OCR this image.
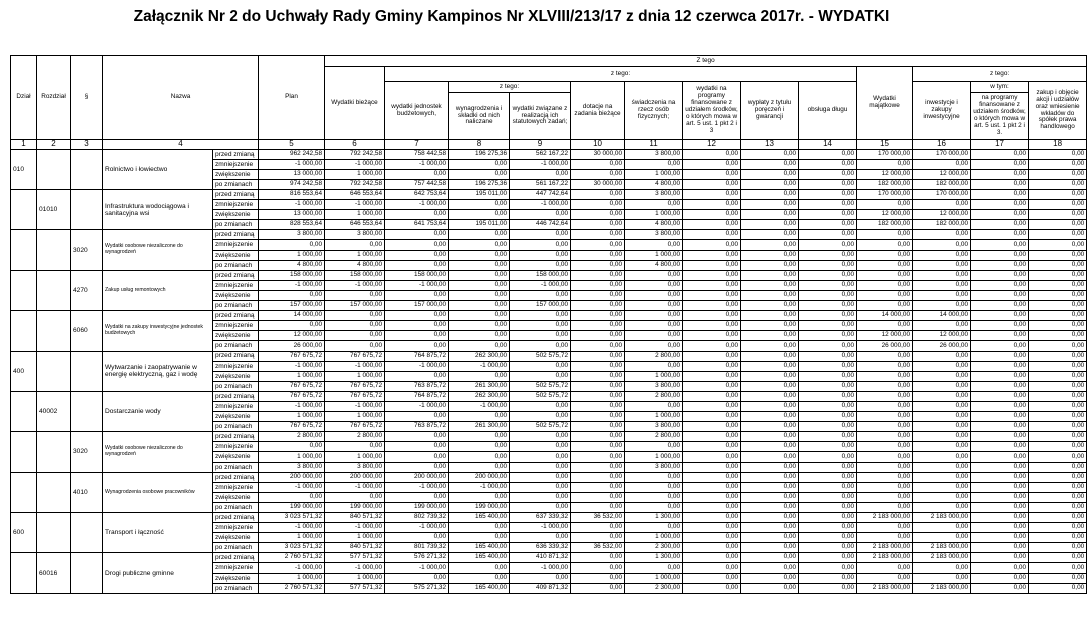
Załącznik Nr 2 do Uchwały Rady Gminy Kampinos Nr XLVIII/213/17 z dnia 12 czerwca 2017r. - WYDATKI
Dział	Rozdział	§	Nazwa		Plan	Z tego												
						Wydatki bieżące	z tego:								Wydatki majątkowe	z tego:		
							wydatki jednostek budżetowych,	z tego:		dotacje na zadania bieżące	świadczenia na rzecz osób fizycznych;	wydatki na programy finansowane z udziałem środków, o których mowa w art. 5 ust. 1 pkt 2 i 3	wypłaty z tytułu poręczeń i gwarancji	obsługa długu		inwestycje i zakupy inwestycyjne	w tym:	zakup i objęcie akcji i udziałów oraz wniesienie wkładów do spółek prawa handlowego
								wynagrodzenia i składki od nich naliczane	wydatki związane z realizacją ich statutowych zadań;								na programy finansowane z udziałem środków, o których mowa w art. 5 ust. 1 pkt 2 i 3.	
1	2	3	4		5	6	7	8	9	10	11	12	13	14	15	16	17	18
010			Rolnictwo i łowiectwo	przed zmianą	962 242,58	792 242,58	758 442,58	196 275,36	562 167,22	30 000,00	3 800,00	0,00	0,00	0,00	170 000,00	170 000,00	0,00	0,00
				zmniejszenie	-1 000,00	-1 000,00	-1 000,00	0,00	-1 000,00	0,00	0,00	0,00	0,00	0,00	0,00	0,00	0,00	0,00
				zwiększenie	13 000,00	1 000,00	0,00	0,00	0,00	0,00	1 000,00	0,00	0,00	0,00	12 000,00	12 000,00	0,00	0,00
				po zmianach	974 242,58	792 242,58	757 442,58	196 275,36	561 167,22	30 000,00	4 800,00	0,00	0,00	0,00	182 000,00	182 000,00	0,00	0,00
	01010		Infrastruktura wodociągowa i sanitacyjna wsi	przed zmianą	816 553,64	646 553,64	642 753,64	195 011,00	447 742,64	0,00	3 800,00	0,00	0,00	0,00	170 000,00	170 000,00	0,00	0,00
				zmniejszenie	-1 000,00	-1 000,00	-1 000,00	0,00	-1 000,00	0,00	0,00	0,00	0,00	0,00	0,00	0,00	0,00	0,00
				zwiększenie	13 000,00	1 000,00	0,00	0,00	0,00	0,00	1 000,00	0,00	0,00	0,00	12 000,00	12 000,00	0,00	0,00
				po zmianach	828 553,64	646 553,64	641 753,64	195 011,00	446 742,64	0,00	4 800,00	0,00	0,00	0,00	182 000,00	182 000,00	0,00	0,00
		3020	Wydatki osobowe niezaliczone do wynagrodzeń	przed zmianą	3 800,00	3 800,00	0,00	0,00	0,00	0,00	3 800,00	0,00	0,00	0,00	0,00	0,00	0,00	0,00
				zmniejszenie	0,00	0,00	0,00	0,00	0,00	0,00	0,00	0,00	0,00	0,00	0,00	0,00	0,00	0,00
				zwiększenie	1 000,00	1 000,00	0,00	0,00	0,00	0,00	1 000,00	0,00	0,00	0,00	0,00	0,00	0,00	0,00
				po zmianach	4 800,00	4 800,00	0,00	0,00	0,00	0,00	4 800,00	0,00	0,00	0,00	0,00	0,00	0,00	0,00
		4270	Zakup usług remontowych	przed zmianą	158 000,00	158 000,00	158 000,00	0,00	158 000,00	0,00	0,00	0,00	0,00	0,00	0,00	0,00	0,00	0,00
				zmniejszenie	-1 000,00	-1 000,00	-1 000,00	0,00	-1 000,00	0,00	0,00	0,00	0,00	0,00	0,00	0,00	0,00	0,00
				zwiększenie	0,00	0,00	0,00	0,00	0,00	0,00	0,00	0,00	0,00	0,00	0,00	0,00	0,00	0,00
				po zmianach	157 000,00	157 000,00	157 000,00	0,00	157 000,00	0,00	0,00	0,00	0,00	0,00	0,00	0,00	0,00	0,00
		6060	Wydatki na zakupy inwestycyjne jednostek budżetowych	przed zmianą	14 000,00	0,00	0,00	0,00	0,00	0,00	0,00	0,00	0,00	0,00	14 000,00	14 000,00	0,00	0,00
				zmniejszenie	0,00	0,00	0,00	0,00	0,00	0,00	0,00	0,00	0,00	0,00	0,00	0,00	0,00	0,00
				zwiększenie	12 000,00	0,00	0,00	0,00	0,00	0,00	0,00	0,00	0,00	0,00	12 000,00	12 000,00	0,00	0,00
				po zmianach	26 000,00	0,00	0,00	0,00	0,00	0,00	0,00	0,00	0,00	0,00	26 000,00	26 000,00	0,00	0,00
400			Wytwarzanie i zaopatrywanie w energię elektryczną, gaz i wodę	przed zmianą	767 675,72	767 675,72	764 875,72	262 300,00	502 575,72	0,00	2 800,00	0,00	0,00	0,00	0,00	0,00	0,00	0,00
				zmniejszenie	-1 000,00	-1 000,00	-1 000,00	-1 000,00	0,00	0,00	0,00	0,00	0,00	0,00	0,00	0,00	0,00	0,00
				zwiększenie	1 000,00	1 000,00	0,00	0,00	0,00	0,00	1 000,00	0,00	0,00	0,00	0,00	0,00	0,00	0,00
				po zmianach	767 675,72	767 675,72	763 875,72	261 300,00	502 575,72	0,00	3 800,00	0,00	0,00	0,00	0,00	0,00	0,00	0,00
	40002		Dostarczanie wody	przed zmianą	767 675,72	767 675,72	764 875,72	262 300,00	502 575,72	0,00	2 800,00	0,00	0,00	0,00	0,00	0,00	0,00	0,00
				zmniejszenie	-1 000,00	-1 000,00	-1 000,00	-1 000,00	0,00	0,00	0,00	0,00	0,00	0,00	0,00	0,00	0,00	0,00
				zwiększenie	1 000,00	1 000,00	0,00	0,00	0,00	0,00	1 000,00	0,00	0,00	0,00	0,00	0,00	0,00	0,00
				po zmianach	767 675,72	767 675,72	763 875,72	261 300,00	502 575,72	0,00	3 800,00	0,00	0,00	0,00	0,00	0,00	0,00	0,00
		3020	Wydatki osobowe niezaliczone do wynagrodzeń	przed zmianą	2 800,00	2 800,00	0,00	0,00	0,00	0,00	2 800,00	0,00	0,00	0,00	0,00	0,00	0,00	0,00
				zmniejszenie	0,00	0,00	0,00	0,00	0,00	0,00	0,00	0,00	0,00	0,00	0,00	0,00	0,00	0,00
				zwiększenie	1 000,00	1 000,00	0,00	0,00	0,00	0,00	1 000,00	0,00	0,00	0,00	0,00	0,00	0,00	0,00
				po zmianach	3 800,00	3 800,00	0,00	0,00	0,00	0,00	3 800,00	0,00	0,00	0,00	0,00	0,00	0,00	0,00
		4010	Wynagrodzenia osobowe pracowników	przed zmianą	200 000,00	200 000,00	200 000,00	200 000,00	0,00	0,00	0,00	0,00	0,00	0,00	0,00	0,00	0,00	0,00
				zmniejszenie	-1 000,00	-1 000,00	-1 000,00	-1 000,00	0,00	0,00	0,00	0,00	0,00	0,00	0,00	0,00	0,00	0,00
				zwiększenie	0,00	0,00	0,00	0,00	0,00	0,00	0,00	0,00	0,00	0,00	0,00	0,00	0,00	0,00
				po zmianach	199 000,00	199 000,00	199 000,00	199 000,00	0,00	0,00	0,00	0,00	0,00	0,00	0,00	0,00	0,00	0,00
600			Transport i łączność	przed zmianą	3 023 571,32	840 571,32	802 739,32	165 400,00	637 339,32	36 532,00	1 300,00	0,00	0,00	0,00	2 183 000,00	2 183 000,00	0,00	0,00
				zmniejszenie	-1 000,00	-1 000,00	-1 000,00	0,00	-1 000,00	0,00	0,00	0,00	0,00	0,00	0,00	0,00	0,00	0,00
				zwiększenie	1 000,00	1 000,00	0,00	0,00	0,00	0,00	1 000,00	0,00	0,00	0,00	0,00	0,00	0,00	0,00
				po zmianach	3 023 571,32	840 571,32	801 739,32	165 400,00	636 339,32	36 532,00	2 300,00	0,00	0,00	0,00	2 183 000,00	2 183 000,00	0,00	0,00
	60016		Drogi publiczne gminne	przed zmianą	2 760 571,32	577 571,32	576 271,32	165 400,00	410 871,32	0,00	1 300,00	0,00	0,00	0,00	2 183 000,00	2 183 000,00	0,00	0,00
				zmniejszenie	-1 000,00	-1 000,00	-1 000,00	0,00	-1 000,00	0,00	0,00	0,00	0,00	0,00	0,00	0,00	0,00	0,00
				zwiększenie	1 000,00	1 000,00	0,00	0,00	0,00	0,00	1 000,00	0,00	0,00	0,00	0,00	0,00	0,00	0,00
				po zmianach	2 760 571,32	577 571,32	575 271,32	165 400,00	409 871,32	0,00	2 300,00	0,00	0,00	0,00	2 183 000,00	2 183 000,00	0,00	0,00
